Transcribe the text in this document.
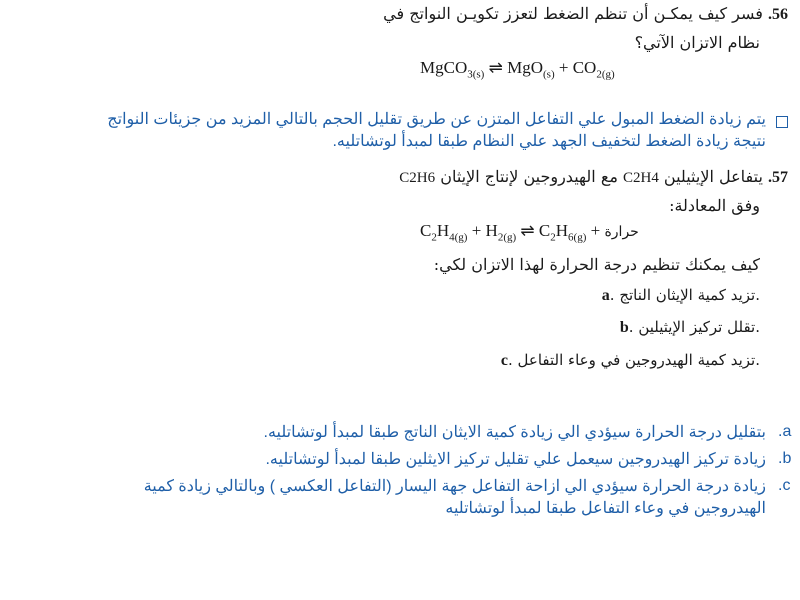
56. فسر كيف يمكـن أن تنظم الضغط لتعزز تكويـن النواتج في
نظام الاتزان الآتي؟
MgCO$_{3(s)}$ ⇌ $MgO_{(s)} + CO_{2(g)}$
يتم زيادة الضغط المبول علي التفاعل المتزن عن طريق تقليل الحجم بالتالي المزيد من جزيئات النواتج
نتيجة زيادة الضغط لتخفيف الجهد علي النظام طبقا لمبدأ لوتشاتليه.
57. يتفاعل الإيثيلين C2H4 مع الهيدروجين لإنتاج الإيثان C2H6
وفق المعادلة:
$C_2H_{4(g)} + H_{2(g)}$ ⇌ $C_2H_{6(g)}$ + حرارة
كيف يمكنك تنظيم درجة الحرارة لهذا الاتزان لكي:
a. تزيد كمية الإيثان الناتج.
b. تقلل تركيز الإيثيلين.
c. تزيد كمية الهيدروجين في وعاء التفاعل.
.a
بتقليل درجة الحرارة سيؤدي الي زيادة كمية الايثان الناتج طبقا لمبدأ لوتشاتليه.
.b
زيادة تركيز الهيدروجين سيعمل علي تقليل تركيز الايثلين طبقا لمبدأ لوتشاتليه.
.c
زيادة درجة الحرارة سيؤدي الي ازاحة التفاعل جهة اليسار (التفاعل العكسي ) وبالتالي زيادة كمية
الهيدروجين في وعاء التفاعل طبقا لمبدأ لوتشاتليه
